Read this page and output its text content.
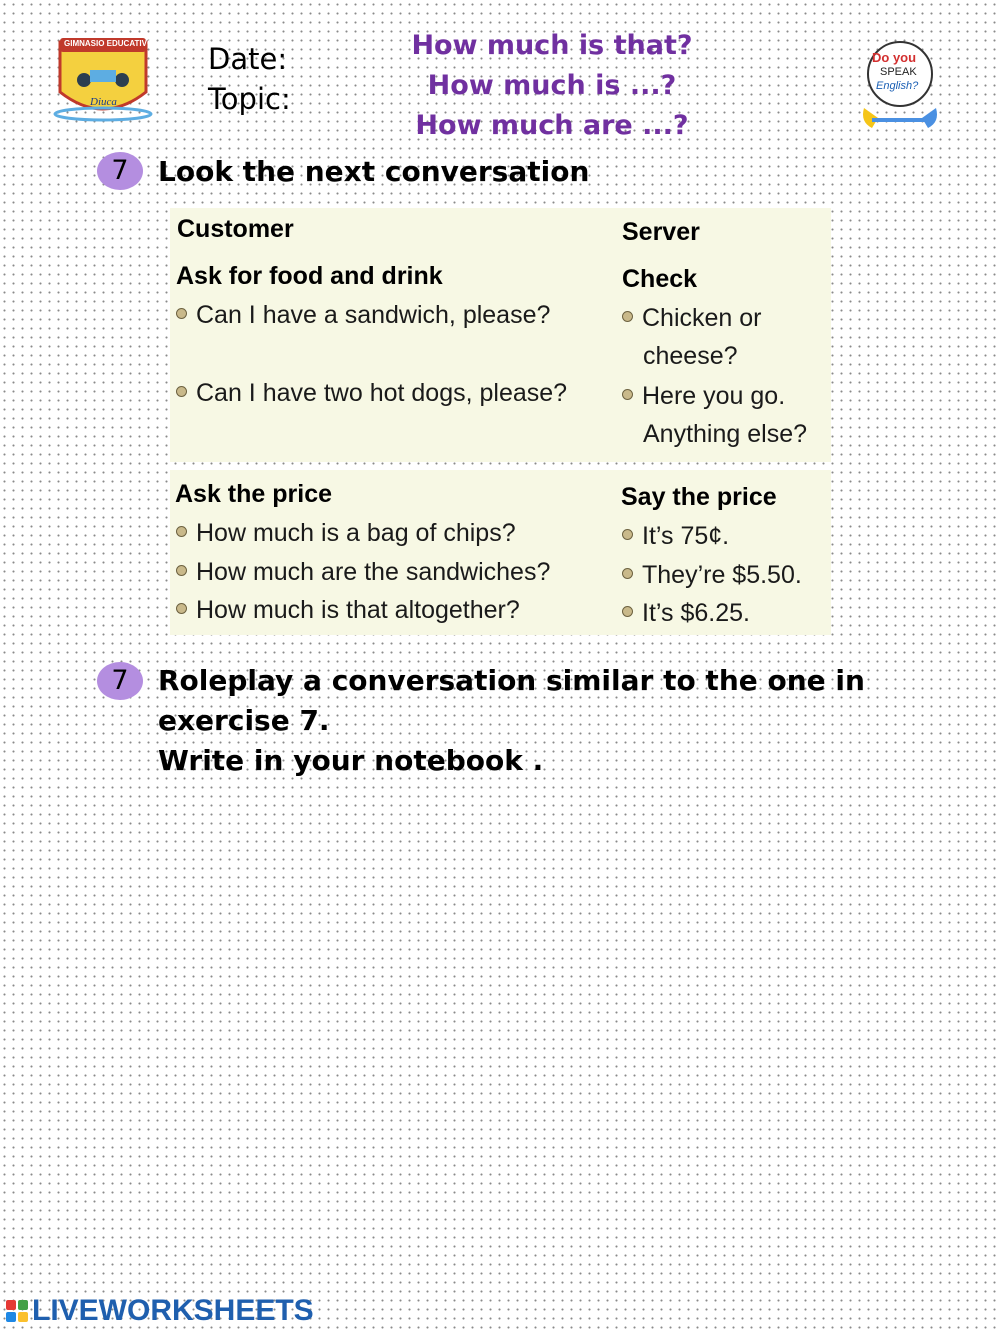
GIMNASIO EDUCATIVO
Diuca
Date:
Topic:
How much is that?
How much is ...?
How much are ...?
Do you
SPEAK
English?
7	Look the next conversation
Customer	Server
Ask for food and drink	Check
Can I have a sandwich, please?	Chicken or
cheese?
Can I have two hot dogs, please?	Here you go.
Anything else?
Ask the price	Say the price
How much is a bag of chips?	It’s 75¢.
How much are the sandwiches?	They’re $5.50.
How much is that altogether?	It’s $6.25.
7	Roleplay a conversation similar to the one in
exercise 7.
Write in your notebook .
LIVEWORKSHEETS
